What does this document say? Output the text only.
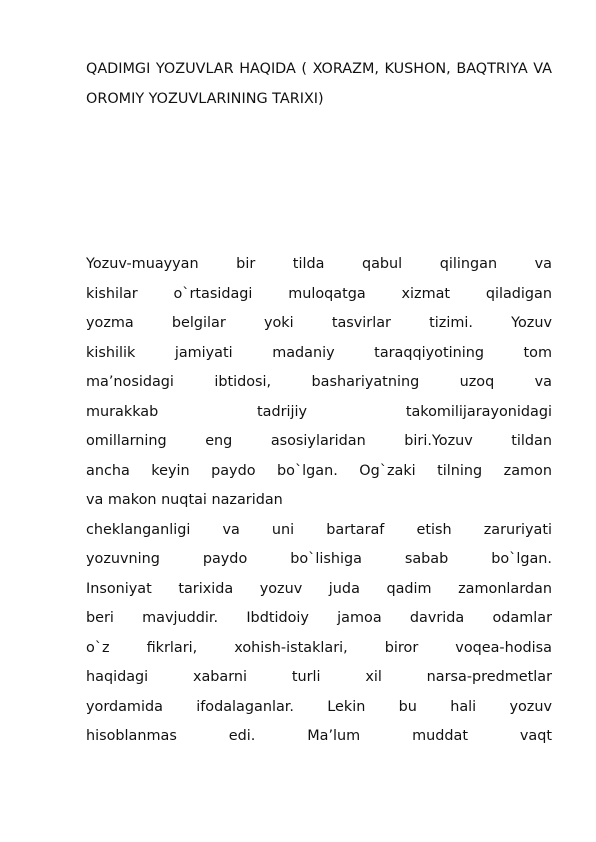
QADIMGI YOZUVLAR HAQIDA ( XORAZM, KUSHON, BAQTRIYA VA OROMIY YOZUVLARINING TARIXI)
Yozuv-muayyan bir tilda qabul qilingan va
kishilar o`rtasidagi muloqatga xizmat qiladigan
yozma belgilar yoki tasvirlar tizimi. Yozuv
kishilik jamiyati madaniy taraqqiyotining tom
ma’nosidagi ibtidosi, bashariyatning uzoq va
murakkab tadrijiy takomilijarayonidagi
omillarning eng asosiylaridan biri.Yozuv tildan
ancha keyin paydo bo`lgan. Og`zaki tilning zamon
va makon nuqtai nazaridan
cheklanganligi va uni bartaraf etish zaruriyati
yozuvning paydo bo`lishiga sabab bo`lgan.
Insoniyat tarixida yozuv juda qadim zamonlardan
beri mavjuddir. Ibdtidoiy jamoa davrida odamlar
o`z fikrlari, xohish-istaklari, biror voqea-hodisa
haqidagi xabarni turli xil narsa-predmetlar
yordamida ifodalaganlar. Lekin bu hali yozuv
hisoblanmas edi. Ma’lum muddat vaqt
